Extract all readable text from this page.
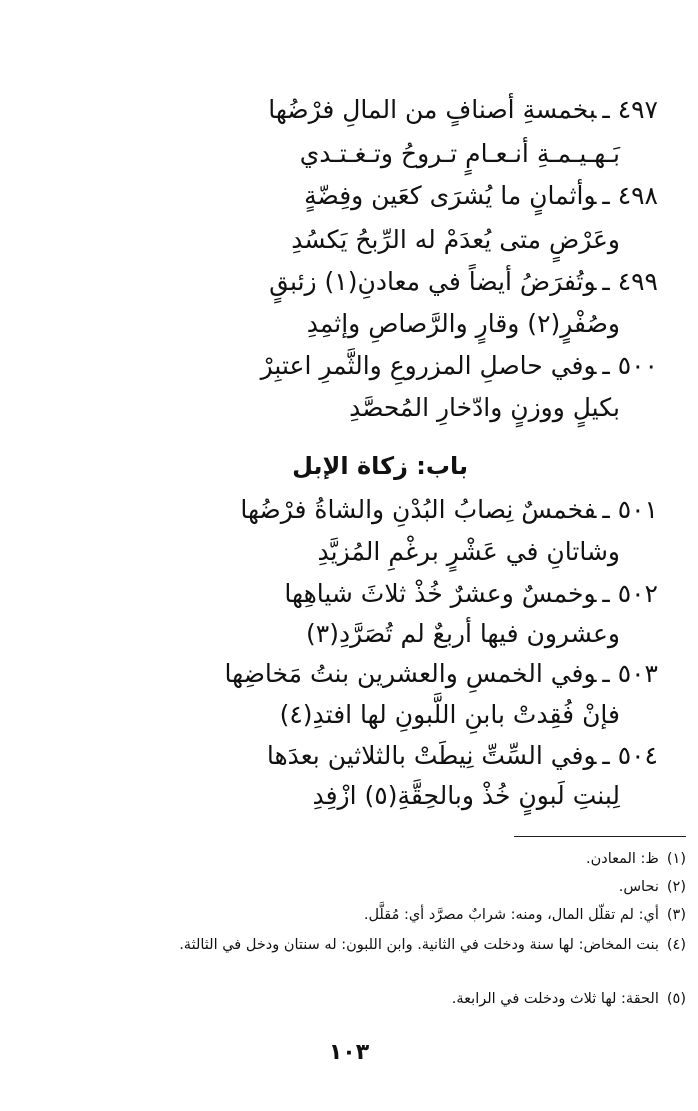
٤٩٧ ـبخمسةِ أصنافٍ من المالِ فرْضُها
بَـهـيـمـةِ أنـعـامٍ تـروحُ وتـغـتـدي
٤٩٨ ـوأثمانٍ ما يُشرَى كعَين وفِضّةٍ
وعَرْضٍ متى يُعدَمْ له الرِّبحُ يَكسُدِ
٤٩٩ ـوتُفرَضُ أيضاً في معادنِ(١) زئبقٍ
وصُفْرٍ(٢) وقارٍ والرَّصاصِ وإثمِدِ
٥٠٠ ـوفي حاصلِ المزروعِ والثَّمرِ اعتبِرْ
بكيلٍ ووزنٍ وادّخارِ المُحصَّدِ
باب: زكاة الإبل
٥٠١ ـفخمسٌ نِصابُ البُدْنِ والشاةُ فرْضُها
وشاتانِ في عَشْرٍ برغْمِ المُزيَّدِ
٥٠٢ ـوخمسٌ وعشرٌ خُذْ ثلاثَ شياهِها
وعشرون فيها أربعٌ لم تُصَرَّدِ(٣)
٥٠٣ ـوفي الخمسِ والعشرين بنتُ مَخاضِها
فإنْ فُقِدتْ بابنِ اللَّبونِ لها افتدِ(٤)
٥٠٤ ـوفي السِّتِّ نِيطَتْ بالثلاثين بعدَها
لِبنتِ لَبونٍ خُذْ وبالحِقَّةِ(٥) ازْفِدِ
(١)ظ: المعادن.
(٢)نحاس.
(٣)أي: لم تقلّل المال، ومنه: شرابٌ مصرَّد أي: مُقلَّل.
(٤)بنت المخاض: لها سنة ودخلت في الثانية. وابن اللبون: له سنتان ودخل في الثالثة.
(٥)الحقة: لها ثلاث ودخلت في الرابعة.
١٠٣
